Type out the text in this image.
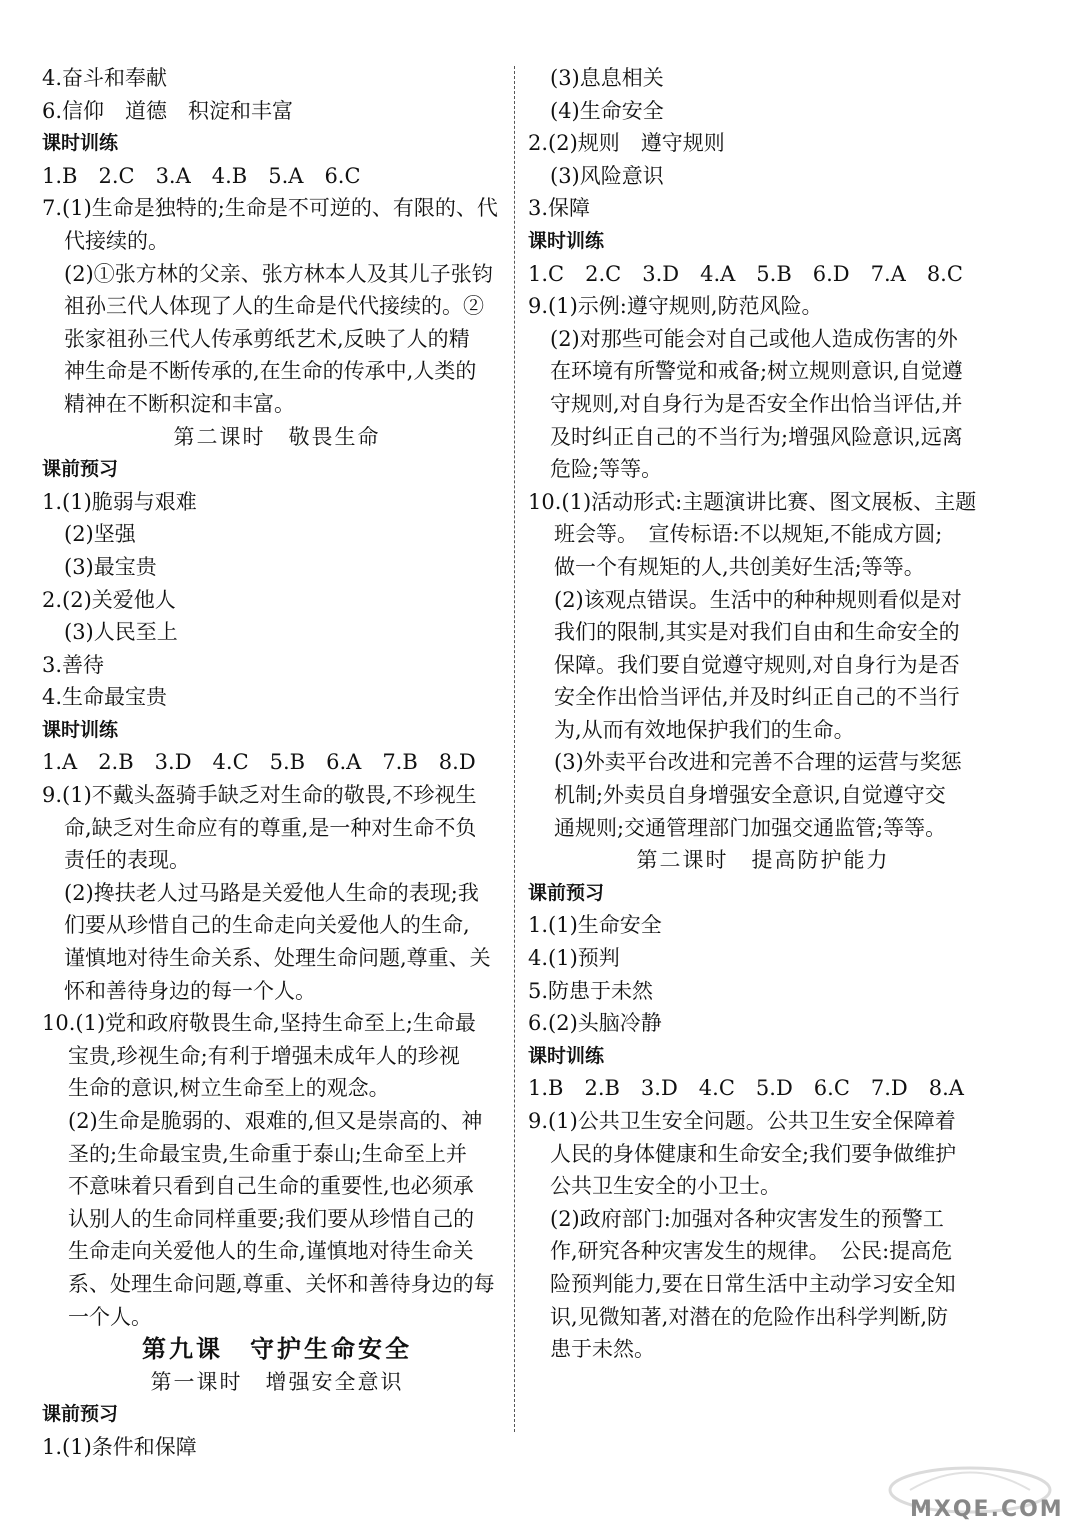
4.奋斗和奉献
6.信仰　道德　积淀和丰富
课时训练
1.B　2.C　3.A　4.B　5.A　6.C
7.(1)生命是独特的;生命是不可逆的、有限的、代
代接续的。
(2)①张方林的父亲、张方林本人及其儿子张钧
祖孙三代人体现了人的生命是代代接续的。②
张家祖孙三代人传承剪纸艺术,反映了人的精
神生命是不断传承的,在生命的传承中,人类的
精神在不断积淀和丰富。
第二课时　敬畏生命
课前预习
1.(1)脆弱与艰难
(2)坚强
(3)最宝贵
2.(2)关爱他人
(3)人民至上
3.善待
4.生命最宝贵
课时训练
1.A　2.B　3.D　4.C　5.B　6.A　7.B　8.D
9.(1)不戴头盔骑手缺乏对生命的敬畏,不珍视生
命,缺乏对生命应有的尊重,是一种对生命不负
责任的表现。
(2)搀扶老人过马路是关爱他人生命的表现;我
们要从珍惜自己的生命走向关爱他人的生命,
谨慎地对待生命关系、处理生命问题,尊重、关
怀和善待身边的每一个人。
10.(1)党和政府敬畏生命,坚持生命至上;生命最
宝贵,珍视生命;有利于增强未成年人的珍视
生命的意识,树立生命至上的观念。
(2)生命是脆弱的、艰难的,但又是崇高的、神
圣的;生命最宝贵,生命重于泰山;生命至上并
不意味着只看到自己生命的重要性,也必须承
认别人的生命同样重要;我们要从珍惜自己的
生命走向关爱他人的生命,谨慎地对待生命关
系、处理生命问题,尊重、关怀和善待身边的每
一个人。
第九课　守护生命安全
第一课时　增强安全意识
课前预习
1.(1)条件和保障
(3)息息相关
(4)生命安全
2.(2)规则　遵守规则
(3)风险意识
3.保障
课时训练
1.C　2.C　3.D　4.A　5.B　6.D　7.A　8.C
9.(1)示例:遵守规则,防范风险。
(2)对那些可能会对自己或他人造成伤害的外
在环境有所警觉和戒备;树立规则意识,自觉遵
守规则,对自身行为是否安全作出恰当评估,并
及时纠正自己的不当行为;增强风险意识,远离
危险;等等。
10.(1)活动形式:主题演讲比赛、图文展板、主题
班会等。　宣传标语:不以规矩,不能成方圆;
做一个有规矩的人,共创美好生活;等等。
(2)该观点错误。生活中的种种规则看似是对
我们的限制,其实是对我们自由和生命安全的
保障。我们要自觉遵守规则,对自身行为是否
安全作出恰当评估,并及时纠正自己的不当行
为,从而有效地保护我们的生命。
(3)外卖平台改进和完善不合理的运营与奖惩
机制;外卖员自身增强安全意识,自觉遵守交
通规则;交通管理部门加强交通监管;等等。
第二课时　提高防护能力
课前预习
1.(1)生命安全
4.(1)预判
5.防患于未然
6.(2)头脑冷静
课时训练
1.B　2.B　3.D　4.C　5.D　6.C　7.D　8.A
9.(1)公共卫生安全问题。公共卫生安全保障着
人民的身体健康和生命安全;我们要争做维护
公共卫生安全的小卫士。
(2)政府部门:加强对各种灾害发生的预警工
作,研究各种灾害发生的规律。　公民:提高危
险预判能力,要在日常生活中主动学习安全知
识,见微知著,对潜在的危险作出科学判断,防
患于未然。
MXQE.COM
